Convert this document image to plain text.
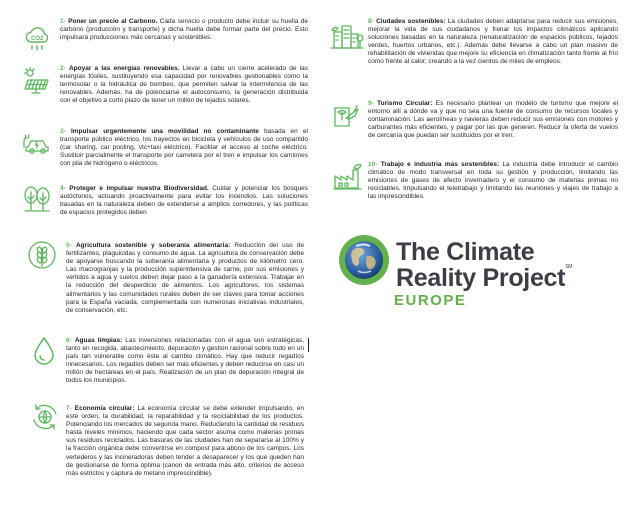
CO2
1- Poner un precio al Carbono. Cada servicio o producto debe incluir su huella de carbono (producción y transporte) y dicha huella debe formar parte del precio. Esto impulsará producciones más cercanas y sostenibles.
2- Apoyar a las energías renovables. Llevar a cabo un cierre acelerado de las energías fósiles, sustituyendo esa capacidad por renovables gestionables como la termosolar o la hidráulica de bombeo, que permiten salvar la intermitencia de las renovables. Además, ha de potenciarse el autoconsumo, la generación distribuida con el objetivo a corto plazo de tener un millón de tejados solares.
3- Impulsar urgentemente una movilidad no contaminante basada en el transporte público eléctrico, los trayectos en bicicleta y vehículos de uso compartido (car sharing, car pooling, vtc+taxi eléctrico). Facilitar el acceso al coche eléctrico. Sustituir parcialmente el transporte por carretera por el tren e impulsar los camiones con pila de hidrógeno o eléctricos.
4- Proteger e impulsar nuestra Biodiversidad. Cuidar y potenciar los bosques autóctonos, actuando proactivamente para evitar los incendios. Las soluciones basadas en la naturaleza deben de extenderse a amplios corredores, y las políticas de espacios protegidos deben
5- Agricultura sostenible y soberanía alimentaria: Reducción del uso de fertilizantes, plaguicidas y consumo de agua. La agricultura de conservación debe de apoyarse buscando la soberanía alimentaria y productos de kilómetro cero. Las macrogranjas y la producción superintensiva de carne, por sus emisiones y vertidos a agua y suelos deben dejar paso a la ganadería extensiva. Trabajar en la reducción del desperdicio de alimentos. Los agricultores, los sistemas alimentarios y las comunidades rurales deben de ser claves para tomar acciones para la España vaciada, complementada con numerosas iniciativas industriales, de conservación, etc.
6- Aguas limpias: Las inversiones relacionadas con el agua son estratégicas, tanto en recogida, abastecimiento, depuración y gestión racional sobre todo en un país tan vulnerable como éste al cambio climático. Hay que reducir regadíos innecesarios. Los regadíos deben ser más eficientes y deben reducirse en casi un millón de hectáreas en el país. Realización de un plan de depuración integral de todos los municipios.
7- Economía circular: La economía circular se debe extender impulsando, en este orden, la durabilidad, la reparabilidad y la reciclabilidad de los productos. Potenciando los mercados de segunda mano. Reduciendo la cantidad de residuos hasta niveles mínimos, haciendo que cada sector asuma como materias primas sus residuos reciclados. Las basuras de las ciudades han de separarse al 100% y la fracción orgánica debe convertirse en compost para abono de los campos. Los vertederos y las incineradoras deben tender a desaparecer y los que queden han de gestionarse de forma óptima (canon de entrada más alto, criterios de acceso más estrictos y captura de metano imprescindible).
8- Ciudades sostenibles: La ciudades deben adaptarse para reducir sus emisiones, mejorar la vida de sus ciudadanos y frenar los impactos climáticos aplicando soluciones basadas en la naturaleza (renaturalización de espacios públicos, tejados verdes, huertos urbanos, etc.). Además debe llevarse a cabo un plan masivo de rehabilitación de viviendas que mejore su eficiencia en climatización tanto frente al frío como frente al calor, creando a la vez cientos de miles de empleos.
9- Turismo Circular: Es necesario plantear un modelo de turismo que mejore el entorno allí a dónde va y que no sea una fuente de consumo de recursos locales y contaminación. Las aerolíneas y navieras deben reducir sus emisiones con motores y carburantes más eficientes, y pagar por las que generen. Reducir la oferta de vuelos de cercanía que puedan ser sustituidos por el tren.
10- Trabajo e industria más sostenibles: La industria debe introducir el cambio climático de modo transversal en toda su gestión y producción, limitando las emisiones de gases de efecto invernadero y el consumo de materias primas no reciclables. Impulsando el teletrabajo y limitando las reuniones y viajes de trabajo a las imprescindibles.
The Climate
Reality Project℠
EUROPE
